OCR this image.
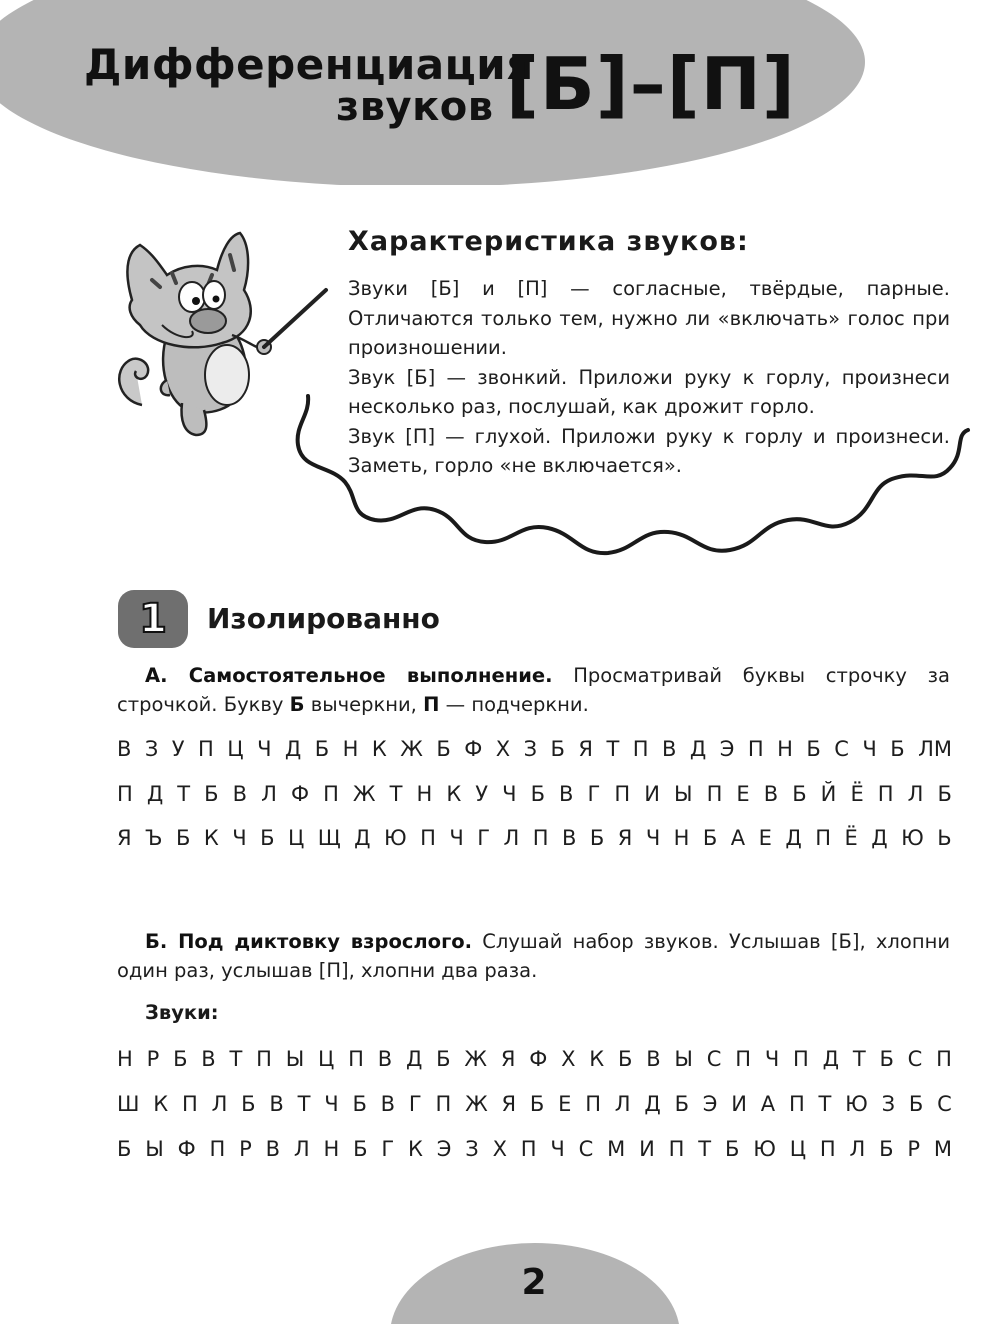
Дифференциация
звуков [Б]–[П]
Характеристика звуков:

Звуки [Б] и [П] — согласные, твёрдые, парные. Отличаются только тем, нужно ли «включать» голос при произношении.

Звук [Б] — звонкий. Приложи руку к горлу, произнеси несколько раз, послушай, как дрожит горло.

Звук [П] — глухой. Приложи руку к горлу и произнеси. Заметь, горло «не включается».

1 Изолированно

А. Самостоятельное выполнение. Просматривай буквы строчку за строчкой. Букву Б вычеркни, П — подчеркни.

В З У П Ц Ч Д Б Н К Ж Б Ф Х З Б Я Т П В Д Э П Н Б С Ч Б ЛМ
П Д Т Б В Л Ф П Ж Т Н К У Ч Б В Г П И Ы П Е В Б Й Ё П Л Б
Я Ъ Б К Ч Б Ц Щ Д Ю П Ч Г Л П В Б Я Ч Н Б А Е Д П Ё Д Ю Ь

Б. Под диктовку взрослого. Слушай набор звуков. Услышав [Б], хлопни один раз, услышав [П], хлопни два раза.

Звуки:
Н Р Б В Т П Ы Ц П В Д Б Ж Я Ф Х К Б В Ы С П Ч П Д Т Б С П
Ш К П Л Б В Т Ч Б В Г П Ж Я Б Е П Л Д Б Э И А П Т Ю З Б С
Б Ы Ф П Р В Л Н Б Г К Э З Х П Ч С М И П Т Б Ю Ц П Л Б Р М
2
